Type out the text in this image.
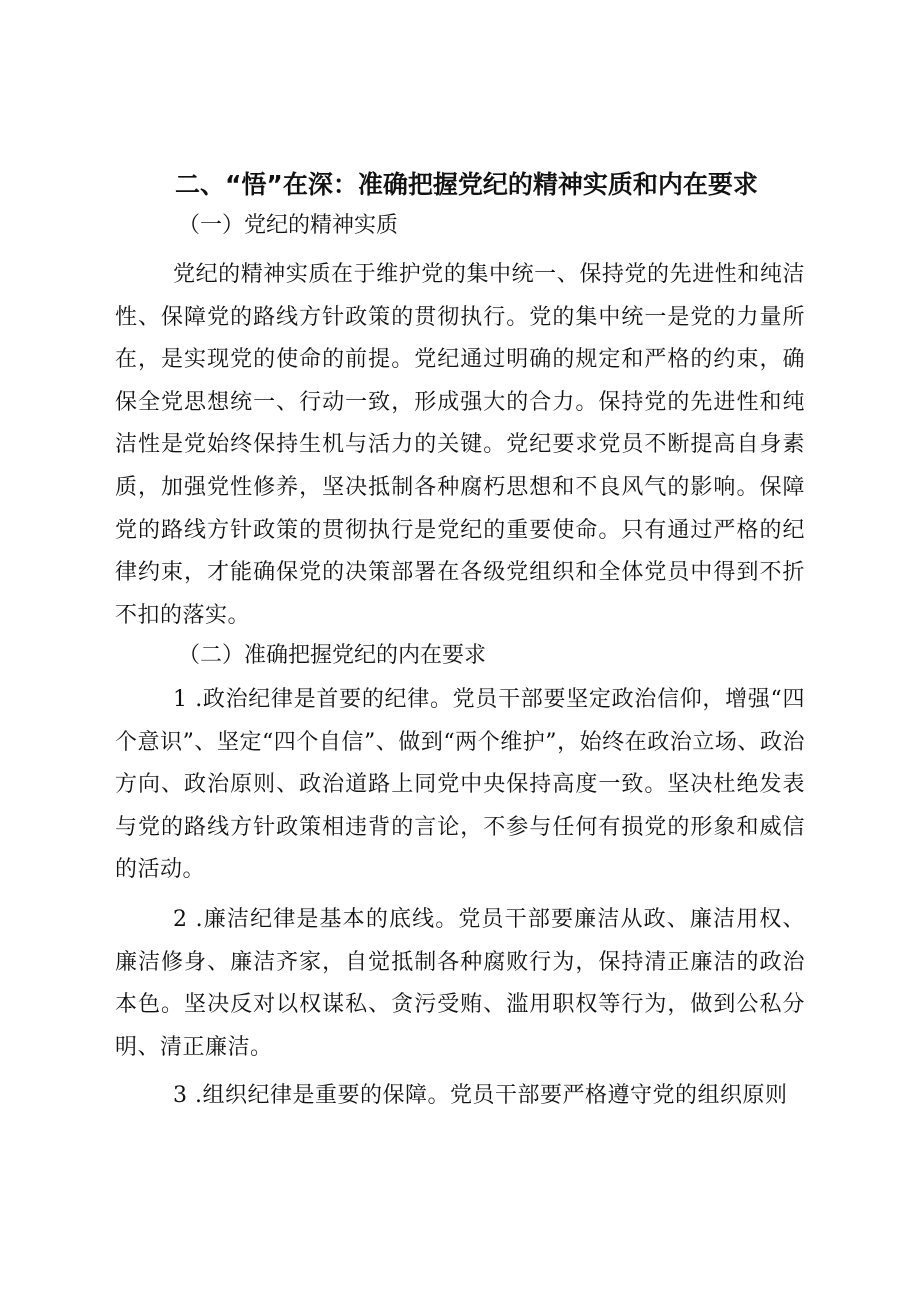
二、“悟”在深：准确把握党纪的精神实质和内在要求

（一）党纪的精神实质

党纪的精神实质在于维护党的集中统一、保持党的先进性和纯洁性、保障党的路线方针政策的贯彻执行。党的集中统一是党的力量所在，是实现党的使命的前提。党纪通过明确的规定和严格的约束，确保全党思想统一、行动一致，形成强大的合力。保持党的先进性和纯洁性是党始终保持生机与活力的关键。党纪要求党员不断提高自身素质，加强党性修养，坚决抵制各种腐朽思想和不良风气的影响。保障党的路线方针政策的贯彻执行是党纪的重要使命。只有通过严格的纪律约束，才能确保党的决策部署在各级党组织和全体党员中得到不折不扣的落实。

（二）准确把握党纪的内在要求

1 .政治纪律是首要的纪律。党员干部要坚定政治信仰，增强“四个意识”、坚定“四个自信”、做到“两个维护”，始终在政治立场、政治方向、政治原则、政治道路上同党中央保持高度一致。坚决杜绝发表与党的路线方针政策相违背的言论，不参与任何有损党的形象和威信的活动。

2 .廉洁纪律是基本的底线。党员干部要廉洁从政、廉洁用权、廉洁修身、廉洁齐家，自觉抵制各种腐败行为，保持清正廉洁的政治本色。坚决反对以权谋私、贪污受贿、滥用职权等行为，做到公私分明、清正廉洁。

3 .组织纪律是重要的保障。党员干部要严格遵守党的组织原则
